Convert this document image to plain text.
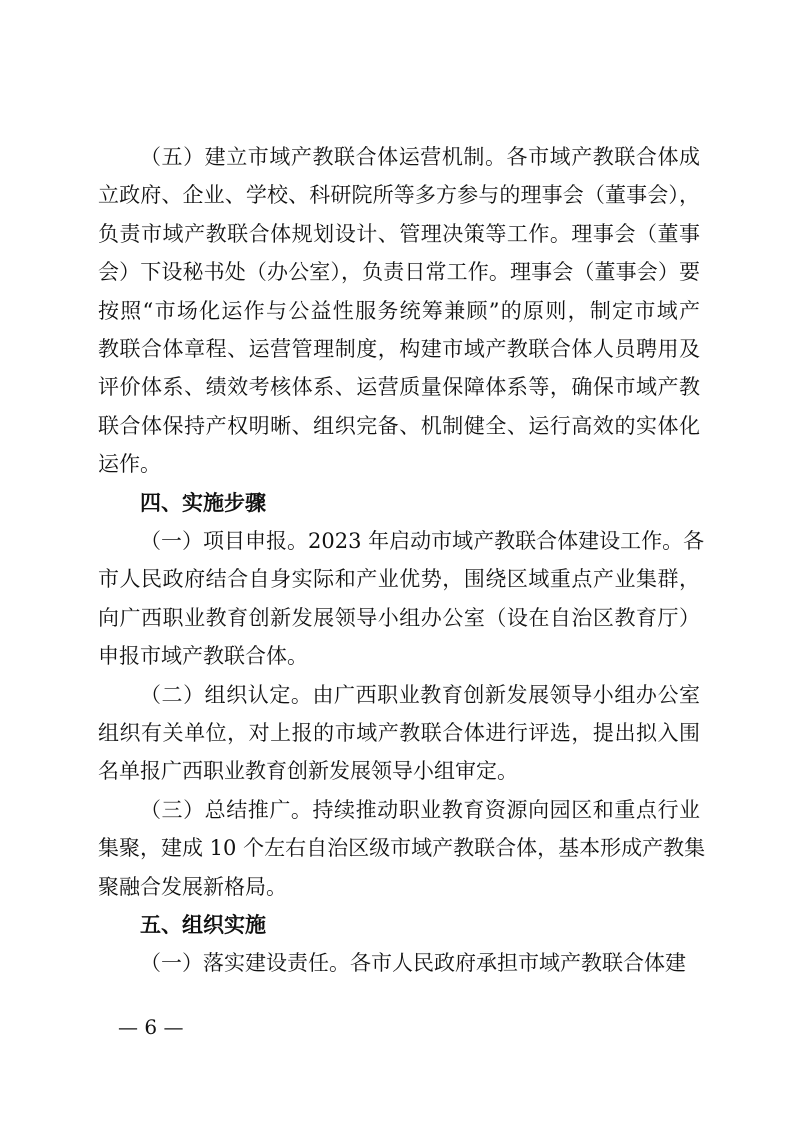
（五）建立市域产教联合体运营机制。各市域产教联合体成
立政府、企业、学校、科研院所等多方参与的理事会（董事会），
负责市域产教联合体规划设计、管理决策等工作。理事会（董事
会）下设秘书处（办公室），负责日常工作。理事会（董事会）要
按照“市场化运作与公益性服务统筹兼顾”的原则，制定市域产
教联合体章程、运营管理制度，构建市域产教联合体人员聘用及
评价体系、绩效考核体系、运营质量保障体系等，确保市域产教
联合体保持产权明晰、组织完备、机制健全、运行高效的实体化
运作。
四、实施步骤
（一）项目申报。2023 年启动市域产教联合体建设工作。各
市人民政府结合自身实际和产业优势，围绕区域重点产业集群，
向广西职业教育创新发展领导小组办公室（设在自治区教育厅）
申报市域产教联合体。
（二）组织认定。由广西职业教育创新发展领导小组办公室
组织有关单位，对上报的市域产教联合体进行评选，提出拟入围
名单报广西职业教育创新发展领导小组审定。
（三）总结推广。持续推动职业教育资源向园区和重点行业
集聚，建成 10 个左右自治区级市域产教联合体，基本形成产教集
聚融合发展新格局。
五、组织实施
（一）落实建设责任。各市人民政府承担市域产教联合体建
— 6 —
